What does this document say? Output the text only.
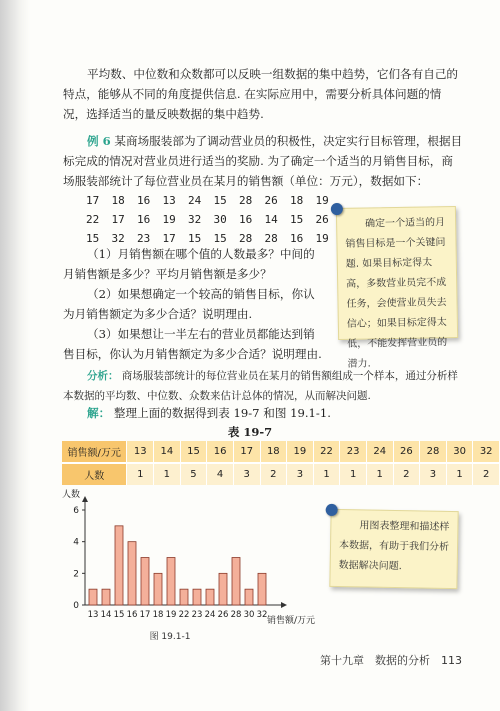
平均数、中位数和众数都可以反映一组数据的集中趋势，它们各有自己的特点，能够从不同的角度提供信息. 在实际应用中，需要分析具体问题的情况，选择适当的量反映数据的集中趋势.
例 6 某商场服装部为了调动营业员的积极性，决定实行目标管理，根据目标完成的情况对营业员进行适当的奖励. 为了确定一个适当的月销售目标，商场服装部统计了每位营业员在某月的销售额（单位：万元），数据如下：
17 18 16 13 24 15 28 26 18 19
22 17 16 19 32 30 16 14 15 26
15 32 23 17 15 15 28 28 16 19
（1）月销售额在哪个值的人数最多？中间的月销售额是多少？平均月销售额是多少？
（2）如果想确定一个较高的销售目标，你认为月销售额定为多少合适？说明理由.
（3）如果想让一半左右的营业员都能达到销售目标，你认为月销售额定为多少合适？说明理由.
确定一个适当的月销售目标是一个关键问题. 如果目标定得太高，多数营业员完不成任务，会使营业员失去信心；如果目标定得太低，不能发挥营业员的潜力.
分析： 商场服装部统计的每位营业员在某月的销售额组成一个样本，通过分析样本数据的平均数、中位数、众数来估计总体的情况，从而解决问题.
解： 整理上面的数据得到表 19-7 和图 19.1-1.
表 19-7
销售额/万元	13	14	15	16	17	18	19	22	23	24	26	28	30	32
人数	1	1	5	4	3	2	3	1	1	1	2	3	1	2
人数
0
2
4
6
13 14 15 16 17 18 19 22 23 24 26 28 30 32
销售额/万元
图 19.1-1
用图表整理和描述样本数据，有助于我们分析数据解决问题.
第十九章　数据的分析　113
